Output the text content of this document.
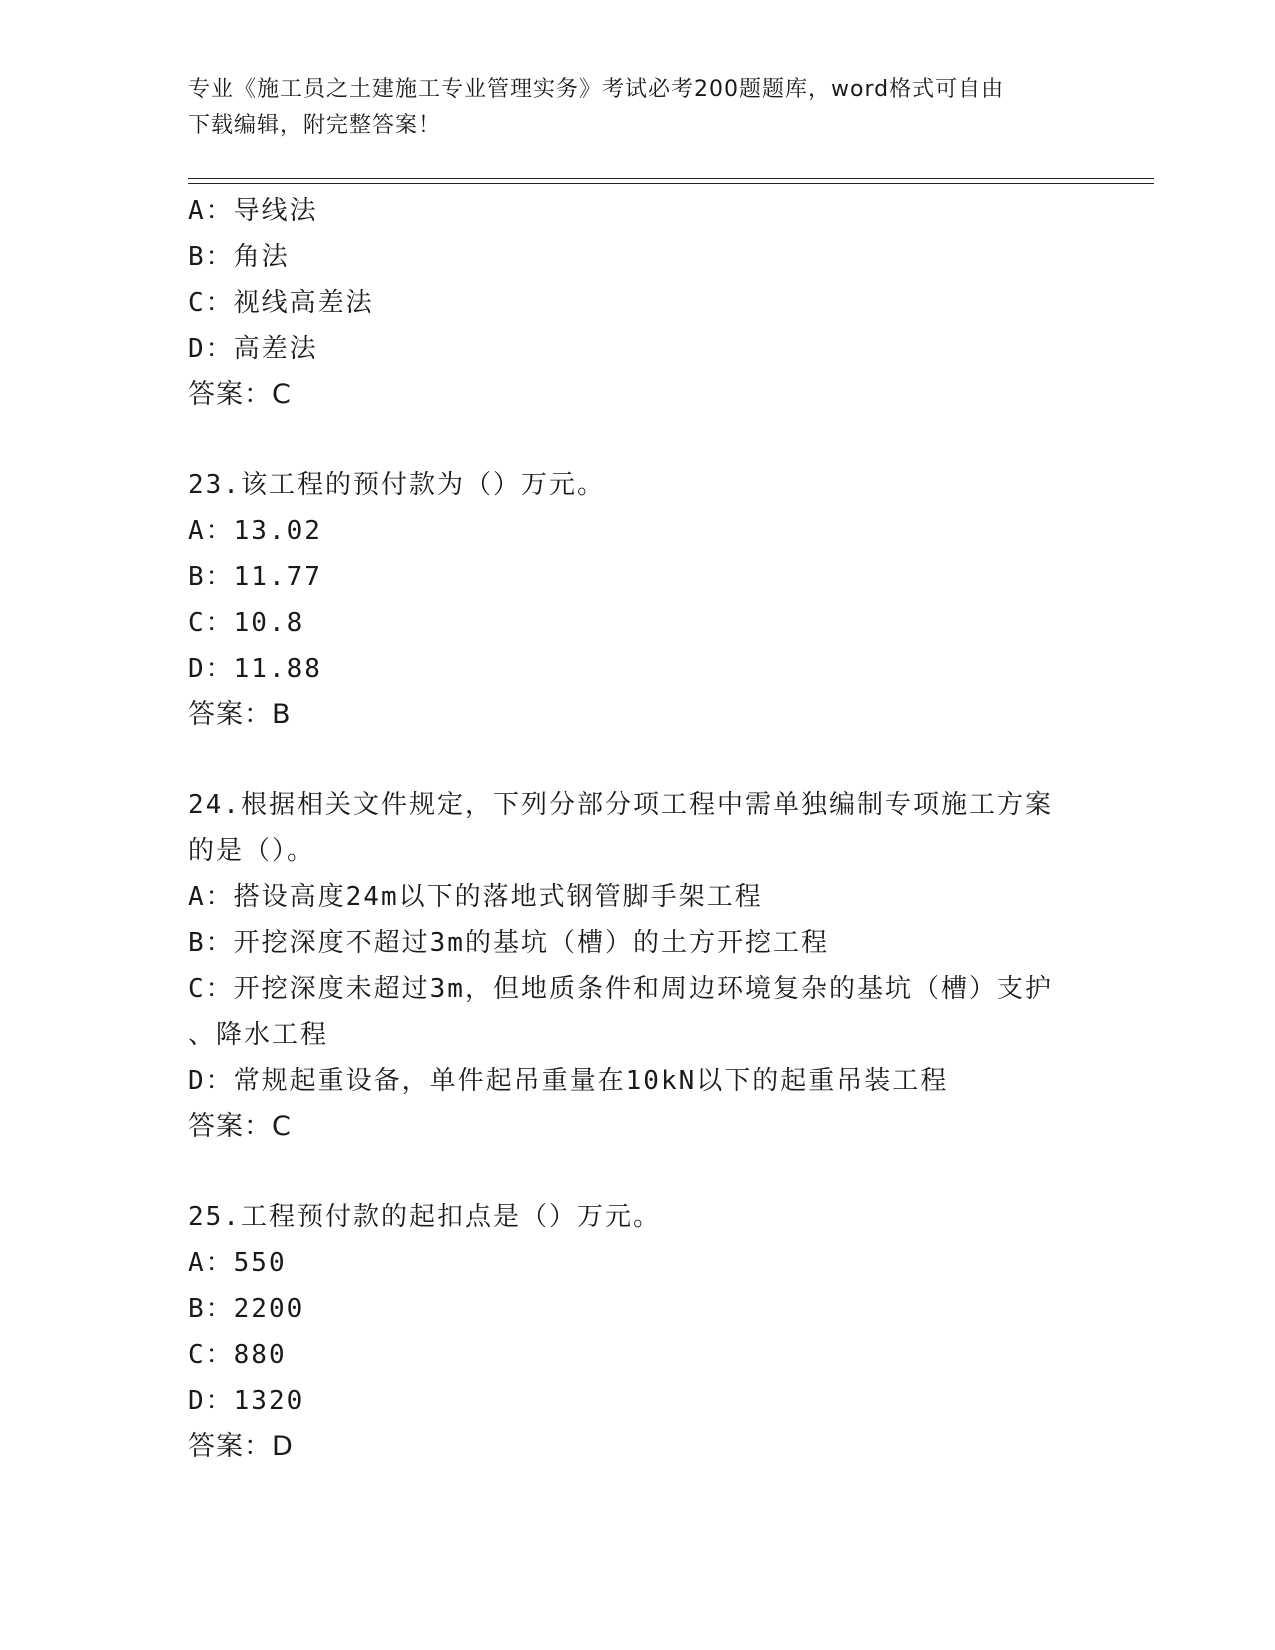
专业《施工员之土建施工专业管理实务》考试必考200题题库，word格式可自由
下载编辑，附完整答案！
A：导线法
B：角法
C：视线高差法
D：高差法
答案：C
23.该工程的预付款为（）万元。
A：13.02
B：11.77
C：10.8
D：11.88
答案：B
24.根据相关文件规定，下列分部分项工程中需单独编制专项施工方案
的是（）。
A：搭设高度24m以下的落地式钢管脚手架工程
B：开挖深度不超过3m的基坑（槽）的土方开挖工程
C：开挖深度未超过3m，但地质条件和周边环境复杂的基坑（槽）支护
、降水工程
D：常规起重设备，单件起吊重量在10kN以下的起重吊装工程
答案：C
25.工程预付款的起扣点是（）万元。
A：550
B：2200
C：880
D：1320
答案：D
